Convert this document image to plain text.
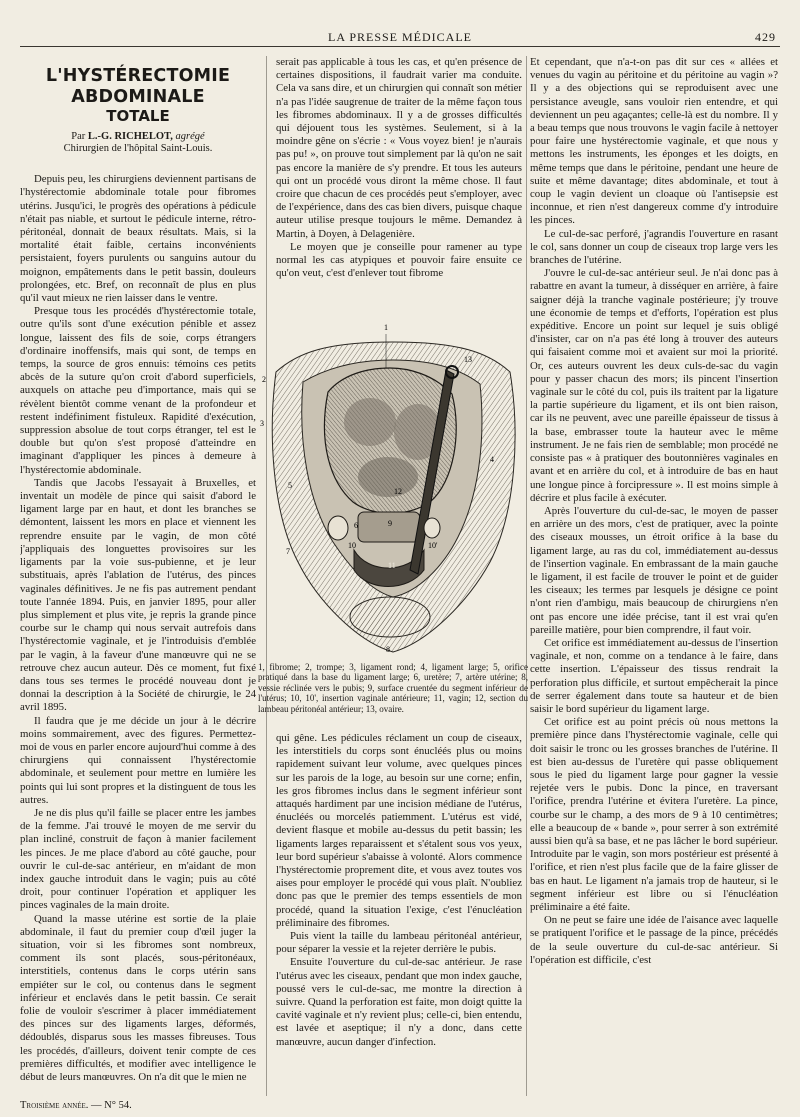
LA PRESSE MÉDICALE	429
L'HYSTÉRECTOMIE ABDOMINALE
TOTALE
Par L.-G. RICHELOT, agrégé
Chirurgien de l'hôpital Saint-Louis.

Depuis peu, les chirurgiens deviennent partisans de l'hystérectomie abdominale totale pour fibromes utérins. Jusqu'ici, le progrès des opérations à pédicule n'était pas niable, et surtout le pédicule interne, rétro-péritonéal, donnait de beaux résultats. Mais, si la mortalité était faible, certains inconvénients persistaient, foyers purulents ou sanguins autour du moignon, empâtements dans le petit bassin, douleurs prolongées, etc. Bref, on reconnaît de plus en plus qu'il vaut mieux ne rien laisser dans le ventre.

Presque tous les procédés d'hystérectomie totale, outre qu'ils sont d'une exécution pénible et assez longue, laissent des fils de soie, corps étrangers d'ordinaire inoffensifs, mais qui sont, de temps en temps, la source de gros ennuis: témoins ces petits abcès de la suture qu'on croit d'abord superficiels, auxquels on attache peu d'importance, mais qui se révèlent bientôt comme venant de la profondeur et restent indéfiniment fistuleux. Rapidité d'exécution, suppression absolue de tout corps étranger, tel est le double but qu'on s'est proposé d'atteindre en imaginant d'appliquer les pinces à demeure à l'hystérectomie abdominale.

Tandis que Jacobs l'essayait à Bruxelles, et inventait un modèle de pince qui saisit d'abord le ligament large par en haut, et dont les branches se démontent, laissent les mors en place et viennent les reprendre ensuite par le vagin, de mon côté j'appliquais des longuettes provisoires sur les ligaments par la voie sus-pubienne, et je leur substituais, après l'ablation de l'utérus, des pinces vaginales définitives. Je ne fis pas autrement pendant toute l'année 1894. Puis, en janvier 1895, pour aller plus simplement et plus vite, je repris la grande pince courbe sur le champ qui nous servait autrefois dans l'hystérectomie vaginale, et je l'introduisis d'emblée par le vagin, à la faveur d'une manœuvre qui ne se retrouve chez aucun auteur. Dès ce moment, fut fixé dans tous ses termes le procédé nouveau dont je donnai la description à la Société de chirurgie, le 24 avril 1895.

Il faudra que je me décide un jour à le décrire moins sommairement, avec des figures. Permettez-moi de vous en parler encore aujourd'hui comme à des chirurgiens qui connaissent l'hystérectomie abdominale, et seulement pour mettre en lumière les points qui lui sont propres et la distinguent de tous les autres.

Je ne dis plus qu'il faille se placer entre les jambes de la femme. J'ai trouvé le moyen de me servir du plan incliné, construit de façon à manier facilement les pinces. Je me place d'abord au côté gauche, pour ouvrir le cul-de-sac antérieur, en m'aidant de mon index gauche introduit dans le vagin; puis au côté droit, pour continuer l'opération et appliquer les pinces vaginales de la main droite.

Quand la masse utérine est sortie de la plaie abdominale, il faut du premier coup d'œil juger la situation, voir si les fibromes sont nombreux, comment ils sont placés, sous-péritonéaux, interstitiels, contenus dans le corps utérin sans empiéter sur le col, ou contenus dans le segment inférieur et enclavés dans le petit bassin. Ce serait folie de vouloir s'escrimer à placer immédiatement des pinces sur des ligaments larges, déformés, dédoublés, disparus sous les masses fibreuses. Tous les procédés, d'ailleurs, doivent tenir compte de ces premières difficultés, et modifier avec intelligence le début de leurs manœuvres. On n'a dit que le mien ne

serait pas applicable à tous les cas, et qu'en présence de certaines dispositions, il faudrait varier ma conduite. Cela va sans dire, et un chirurgien qui connaît son métier n'a pas l'idée saugrenue de traiter de la même façon tous les fibromes abdominaux. Il y a de grosses difficultés qui déjouent tous les systèmes. Seulement, si à la moindre gêne on s'écrie : « Vous voyez bien! je n'aurais pas pu! », on prouve tout simplement par là qu'on ne sait pas encore la manière de s'y prendre. Et tous les auteurs qui ont un procédé vous diront la même chose. Il faut croire que chacun de ces procédés peut s'employer, avec de l'expérience, dans des cas bien divers, puisque chaque auteur utilise presque toujours le même. Demandez à Martin, à Doyen, à Delagenière.

Le moyen que je conseille pour ramener au type normal les cas atypiques et pouvoir faire ensuite ce qu'on veut, c'est d'enlever tout fibrome

qui gêne. Les pédicules réclament un coup de ciseaux, les interstitiels du corps sont énucléés plus ou moins rapidement suivant leur volume, avec quelques pinces sur les parois de la loge, au besoin sur une corne; enfin, les gros fibromes inclus dans le segment inférieur sont attaqués hardiment par une incision médiane de l'utérus, énucléés ou morcelés patiemment. L'utérus est vidé, devient flasque et mobile au-dessus du petit bassin; les ligaments larges reparaissent et s'étalent sous vos yeux, leur bord supérieur s'abaisse à volonté. Alors commence l'hystérectomie proprement dite, et vous avez toutes vos aises pour employer le procédé qui vous plaît. N'oubliez donc pas que le premier des temps essentiels de mon procédé, quand la situation l'exige, c'est l'énucléation préliminaire des fibromes.

Puis vient la taille du lambeau péritonéal antérieur, pour séparer la vessie et la rejeter derrière le pubis.

Ensuite l'ouverture du cul-de-sac antérieur. Je rase l'utérus avec les ciseaux, pendant que mon index gauche, poussé vers le cul-de-sac, me montre la direction à suivre. Quand la perforation est faite, mon doigt quitte la cavité vaginale et n'y revient plus; celle-ci, bien entendu, est lavée et aseptique; il n'y a donc, dans cette manœuvre, aucun danger d'infection.

1
2
3
4
5
6
7
8
9
10	10'
11
12
13
1, fibrome; 2, trompe; 3, ligament rond; 4, ligament large; 5, orifice pratiqué dans la base du ligament large; 6, uretère; 7, artère utérine; 8, vessie réclinée vers le pubis; 9, surface cruentée du segment inférieur de l'utérus; 10, 10', insertion vaginale antérieure; 11, vagin; 12, section du lambeau péritonéal antérieur; 13, ovaire.

Et cependant, que n'a-t-on pas dit sur ces « allées et venues du vagin au péritoine et du péritoine au vagin »? Il y a des objections qui se reproduisent avec une persistance aveugle, sans vouloir rien entendre, et qui deviennent un peu agaçantes; celle-là est du nombre. Il y a beau temps que nous trouvons le vagin facile à nettoyer pour faire une hystérectomie vaginale, et que nous y mettons les instruments, les éponges et les doigts, en même temps que dans le péritoine, pendant une heure de suite et même davantage; dites abdominale, et tout à coup le vagin devient un cloaque où l'antisepsie est inconnue, et rien n'est dangereux comme d'y introduire les pinces.

Le cul-de-sac perforé, j'agrandis l'ouverture en rasant le col, sans donner un coup de ciseaux trop large vers les branches de l'utérine.

J'ouvre le cul-de-sac antérieur seul. Je n'ai donc pas à rabattre en avant la tumeur, à disséquer en arrière, à faire saigner déjà la tranche vaginale postérieure; j'y trouve une économie de temps et d'efforts, l'opération est plus expéditive. Encore un point sur lequel je suis obligé d'insister, car on n'a pas été long à trouver des auteurs qui faisaient comme moi et avaient sur moi la priorité. Or, ces auteurs ouvrent les deux culs-de-sac du vagin pour y passer chacun des mors; ils pincent l'insertion vaginale sur le côté du col, puis ils traitent par la ligature la partie supérieure du ligament, et ils ont bien raison, car ils ne peuvent, avec une pareille épaisseur de tissus à la base, embrasser toute la hauteur avec le même instrument. Je ne fais rien de semblable; mon procédé ne consiste pas « à pratiquer des boutonnières vaginales en avant et en arrière du col, et à introduire de bas en haut une longue pince à forcipressure ». Il est moins simple à décrire et plus facile à exécuter.

Après l'ouverture du cul-de-sac, le moyen de passer en arrière un des mors, c'est de pratiquer, avec la pointe des ciseaux mousses, un étroit orifice à la base du ligament large, au ras du col, immédiatement au-dessus de l'insertion vaginale. En embrassant de la main gauche le ligament, il est facile de trouver le point et de guider les ciseaux; les termes par lesquels je désigne ce point n'ont rien d'ambigu, mais beaucoup de chirurgiens n'en ont pas encore une idée précise, tant il est vrai qu'en pareille matière, pour bien comprendre, il faut voir.

Cet orifice est immédiatement au-dessus de l'insertion vaginale, et non, comme on a tendance à le faire, dans cette insertion. L'épaisseur des tissus rendrait la perforation plus difficile, et surtout empêcherait la pince de serrer également dans toute sa hauteur et de bien saisir le bord supérieur du ligament large.

Cet orifice est au point précis où nous mettons la première pince dans l'hystérectomie vaginale, celle qui doit saisir le tronc ou les grosses branches de l'utérine. Il est bien au-dessus de l'uretère qui passe obliquement sous le pied du ligament large pour gagner la vessie rejetée vers le pubis. Donc la pince, en traversant l'orifice, prendra l'utérine et évitera l'uretère. La pince, courbe sur le champ, a des mors de 9 à 10 centimètres; elle a beaucoup de « bande », pour serrer à son extrémité aussi bien qu'à sa base, et ne pas lâcher le bord supérieur. Introduite par le vagin, son mors postérieur est présenté à l'orifice, et rien n'est plus facile que de la faire glisser de bas en haut. Le ligament n'a jamais trop de hauteur, si le segment inférieur est libre ou si l'énucléation préliminaire a été faite.

On ne peut se faire une idée de l'aisance avec laquelle se pratiquent l'orifice et le passage de la pince, précédés de la seule ouverture du cul-de-sac antérieur. Si l'opération est difficile, c'est

Troisième année. — N° 54.
